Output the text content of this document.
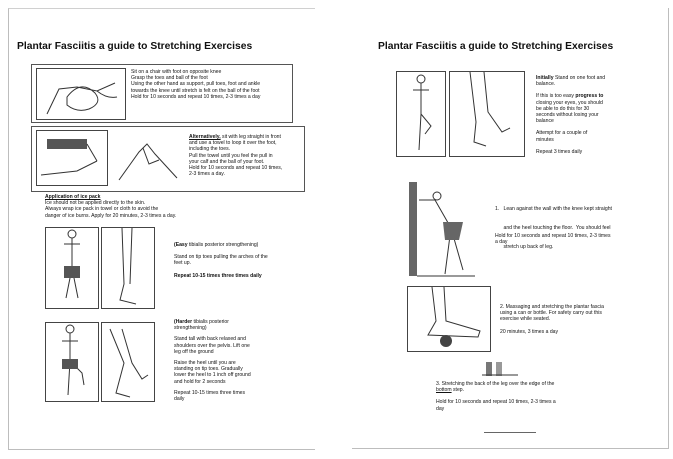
Plantar Fasciitis a guide to Stretching Exercises
Sit on a chair with foot on opposite knee
Grasp the toes and ball of the foot
Using the other hand as support, pull toes, foot and ankle
towards the knee until stretch is felt on the ball of the foot
Hold for 10 seconds and repeat 10 times, 2-3 times a day
Alternatively, sit with leg straight in front
and use a towel to loop it over the foot,
including the toes.
Pull the towel until you feel the pull in
your calf and the ball of your foot.
Hold for 10 seconds and repeat 10 times,
2-3 times a day.
Application of ice pack
Ice should not be applied directly to the skin.
Always wrap ice pack in towel or cloth to avoid the
danger of ice burns. Apply for 20 minutes, 2-3 times a day.
(Easy tibialis posterior strengthening)
Stand on tip toes pulling the arches of the
feet up.
Repeat 10-15 times three times daily
(Harder tibialis posterior
strengthening)
Stand tall with back relaxed and
shoulders over the pelvis. Lift one
leg off the ground
Raise the heel until you are
standing on tip toes. Gradually
lower the heel to 1 inch off ground
and hold for 2 seconds
Repeat 10-15 times three times
daily
Plantar Fasciitis a guide to Stretching Exercises
Initially Stand on one foot and
balance.
If this is too easy progress to
closing your eyes, you should
be able to do this for 30
seconds without losing your
balance
Attempt for a couple of
minutes
Repeat 3 times daily

1.   Lean against the wall with the knee kept straight

and the heel touching the floor.  You should feel

stretch up back of leg.

Hold for 10 seconds and repeat 10 times, 2-3 times
a day
2. Massaging and stretching the plantar fascia
using a can or bottle. For safety carry out this
exercise while seated.
20 minutes, 3 times a day
3. Stretching the back of the leg over the edge of the
bottom step.
Hold for 10 seconds and repeat 10 times, 2-3 times a
day
